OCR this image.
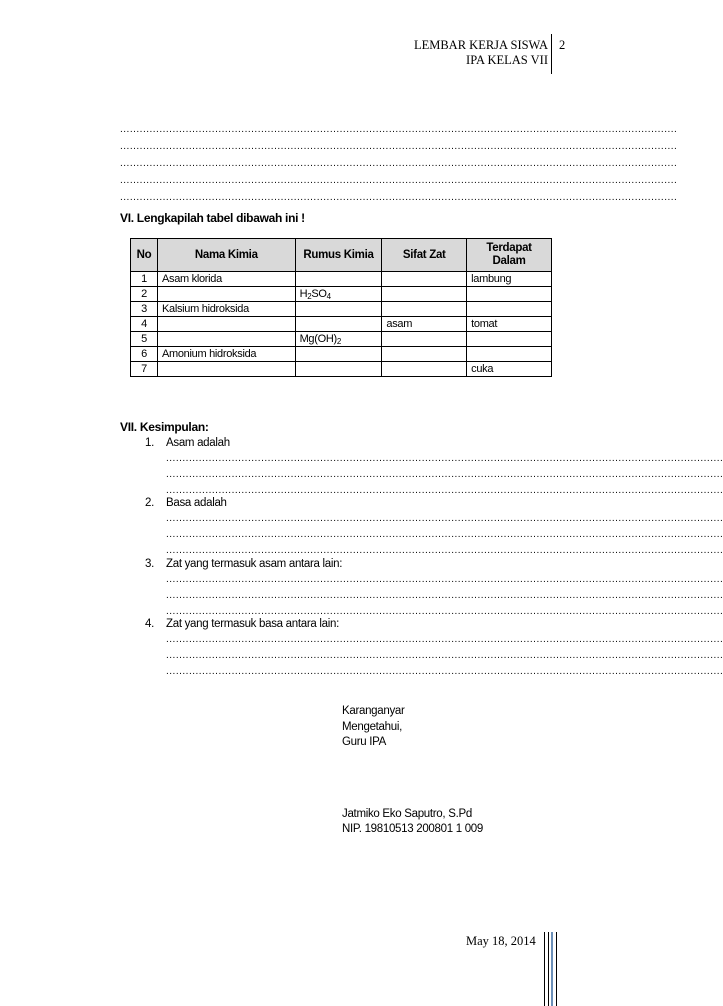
LEMBAR KERJA SISWA
IPA KELAS VII
2
..........................................................................................................................................................................
..........................................................................................................................................................................
..........................................................................................................................................................................
..........................................................................................................................................................................
..........................................................................................................................................................................
VI. Lengkapilah tabel dibawah ini !
No	Nama Kimia	Rumus Kimia	Sifat Zat	Terdapat Dalam
1	Asam klorida			lambung
2		$H_2SO_4$		
3	Kalsium hidroksida			
4			asam	tomat
5		$Mg(OH)_2$		
6	Amonium hidroksida			
7				cuka
VII. Kesimpulan:
1. Asam adalah
..........................................................................................................................................................................
..........................................................................................................................................................................
..........................................................................................................................................................................
2. Basa adalah
..........................................................................................................................................................................
..........................................................................................................................................................................
..........................................................................................................................................................................
3. Zat yang termasuk asam antara lain:
..........................................................................................................................................................................
..........................................................................................................................................................................
..........................................................................................................................................................................
4. Zat yang termasuk basa antara lain:
..........................................................................................................................................................................
..........................................................................................................................................................................
..........................................................................................................................................................................
Karanganyar
Mengetahui,
Guru IPA
Jatmiko Eko Saputro, S.Pd
NIP. 19810513 200801 1 009
May 18, 2014
